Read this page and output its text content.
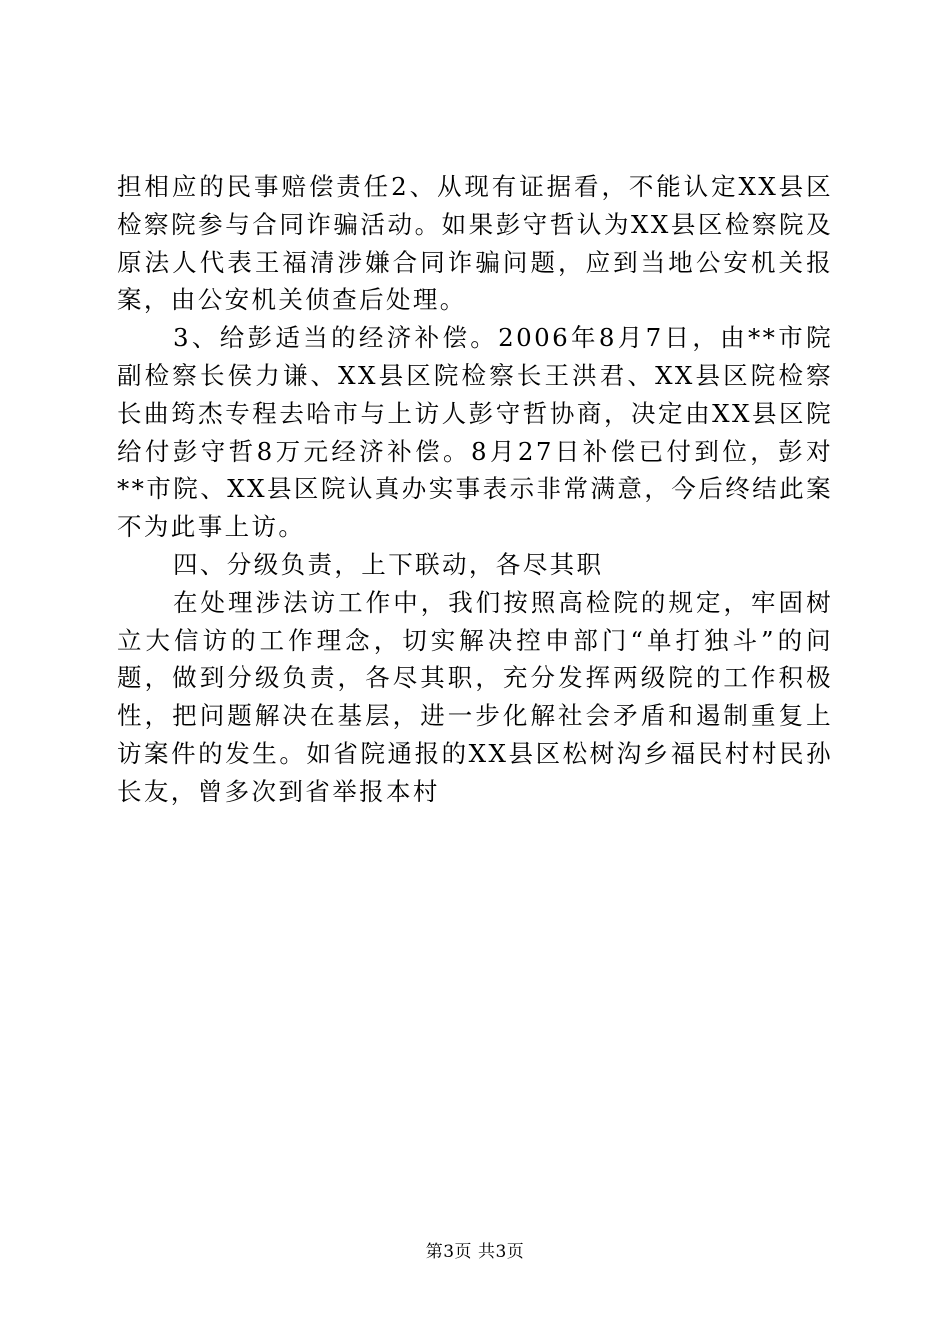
担相应的民事赔偿责任2、从现有证据看，不能认定XX县区检察院参与合同诈骗活动。如果彭守哲认为XX县区检察院及原法人代表王福清涉嫌合同诈骗问题，应到当地公安机关报案，由公安机关侦查后处理。

3、给彭适当的经济补偿。2006年8月7日，由**市院副检察长侯力谦、XX县区院检察长王洪君、XX县区院检察长曲筠杰专程去哈市与上访人彭守哲协商，决定由XX县区院给付彭守哲8万元经济补偿。8月27日补偿已付到位，彭对**市院、XX县区院认真办实事表示非常满意，今后终结此案不为此事上访。

四、分级负责，上下联动，各尽其职

在处理涉法访工作中，我们按照高检院的规定，牢固树立大信访的工作理念，切实解决控申部门“单打独斗”的问题，做到分级负责，各尽其职，充分发挥两级院的工作积极性，把问题解决在基层，进一步化解社会矛盾和遏制重复上访案件的发生。如省院通报的XX县区松树沟乡福民村村民孙长友，曾多次到省举报本村

第3页 共3页
